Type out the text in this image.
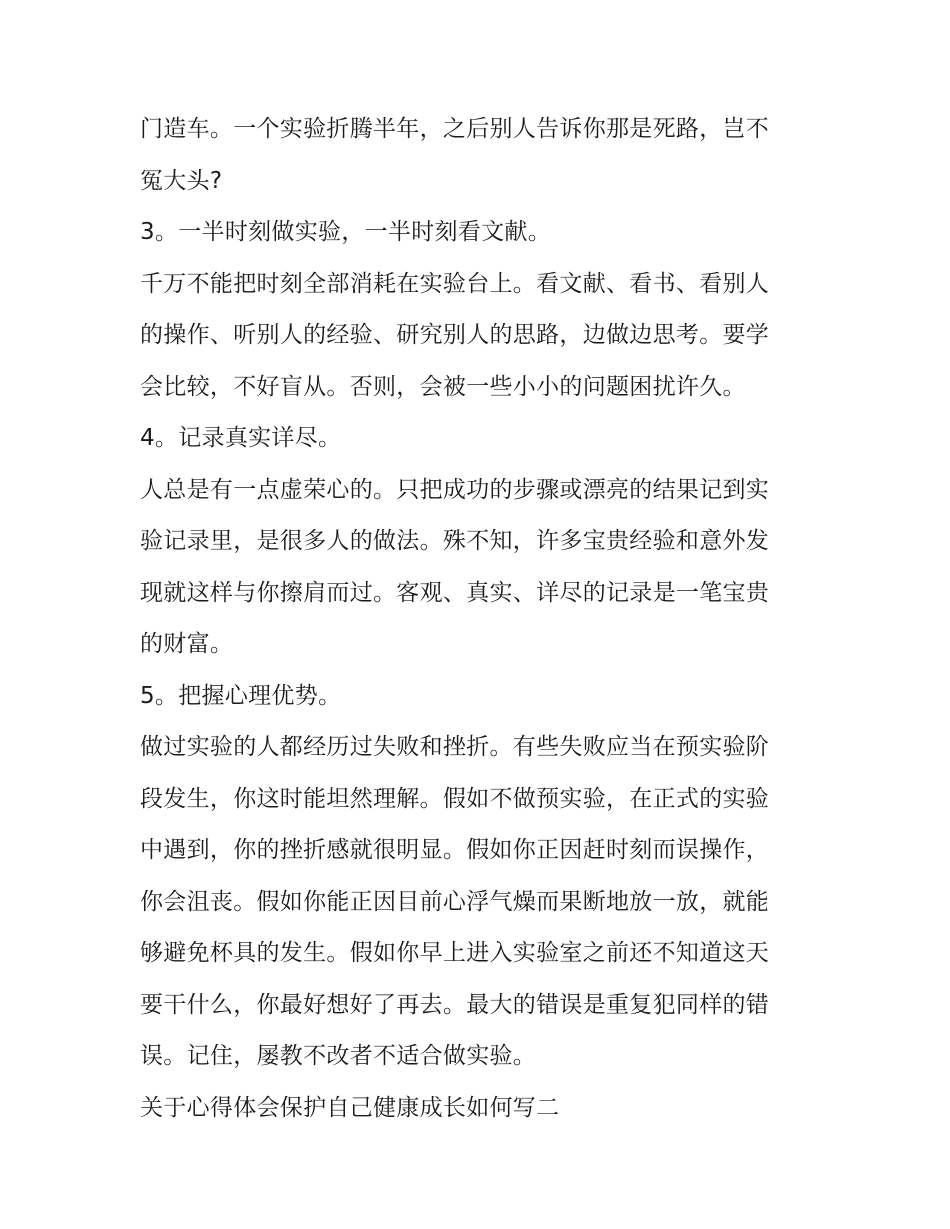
门造车。一个实验折腾半年，之后别人告诉你那是死路，岂不
冤大头?
3。一半时刻做实验，一半时刻看文献。
千万不能把时刻全部消耗在实验台上。看文献、看书、看别人
的操作、听别人的经验、研究别人的思路，边做边思考。要学
会比较，不好盲从。否则，会被一些小小的问题困扰许久。
4。记录真实详尽。
人总是有一点虚荣心的。只把成功的步骤或漂亮的结果记到实
验记录里，是很多人的做法。殊不知，许多宝贵经验和意外发
现就这样与你擦肩而过。客观、真实、详尽的记录是一笔宝贵
的财富。
5。把握心理优势。
做过实验的人都经历过失败和挫折。有些失败应当在预实验阶
段发生，你这时能坦然理解。假如不做预实验，在正式的实验
中遇到，你的挫折感就很明显。假如你正因赶时刻而误操作，
你会沮丧。假如你能正因目前心浮气燥而果断地放一放，就能
够避免杯具的发生。假如你早上进入实验室之前还不知道这天
要干什么，你最好想好了再去。最大的错误是重复犯同样的错
误。记住，屡教不改者不适合做实验。
关于心得体会保护自己健康成长如何写二
